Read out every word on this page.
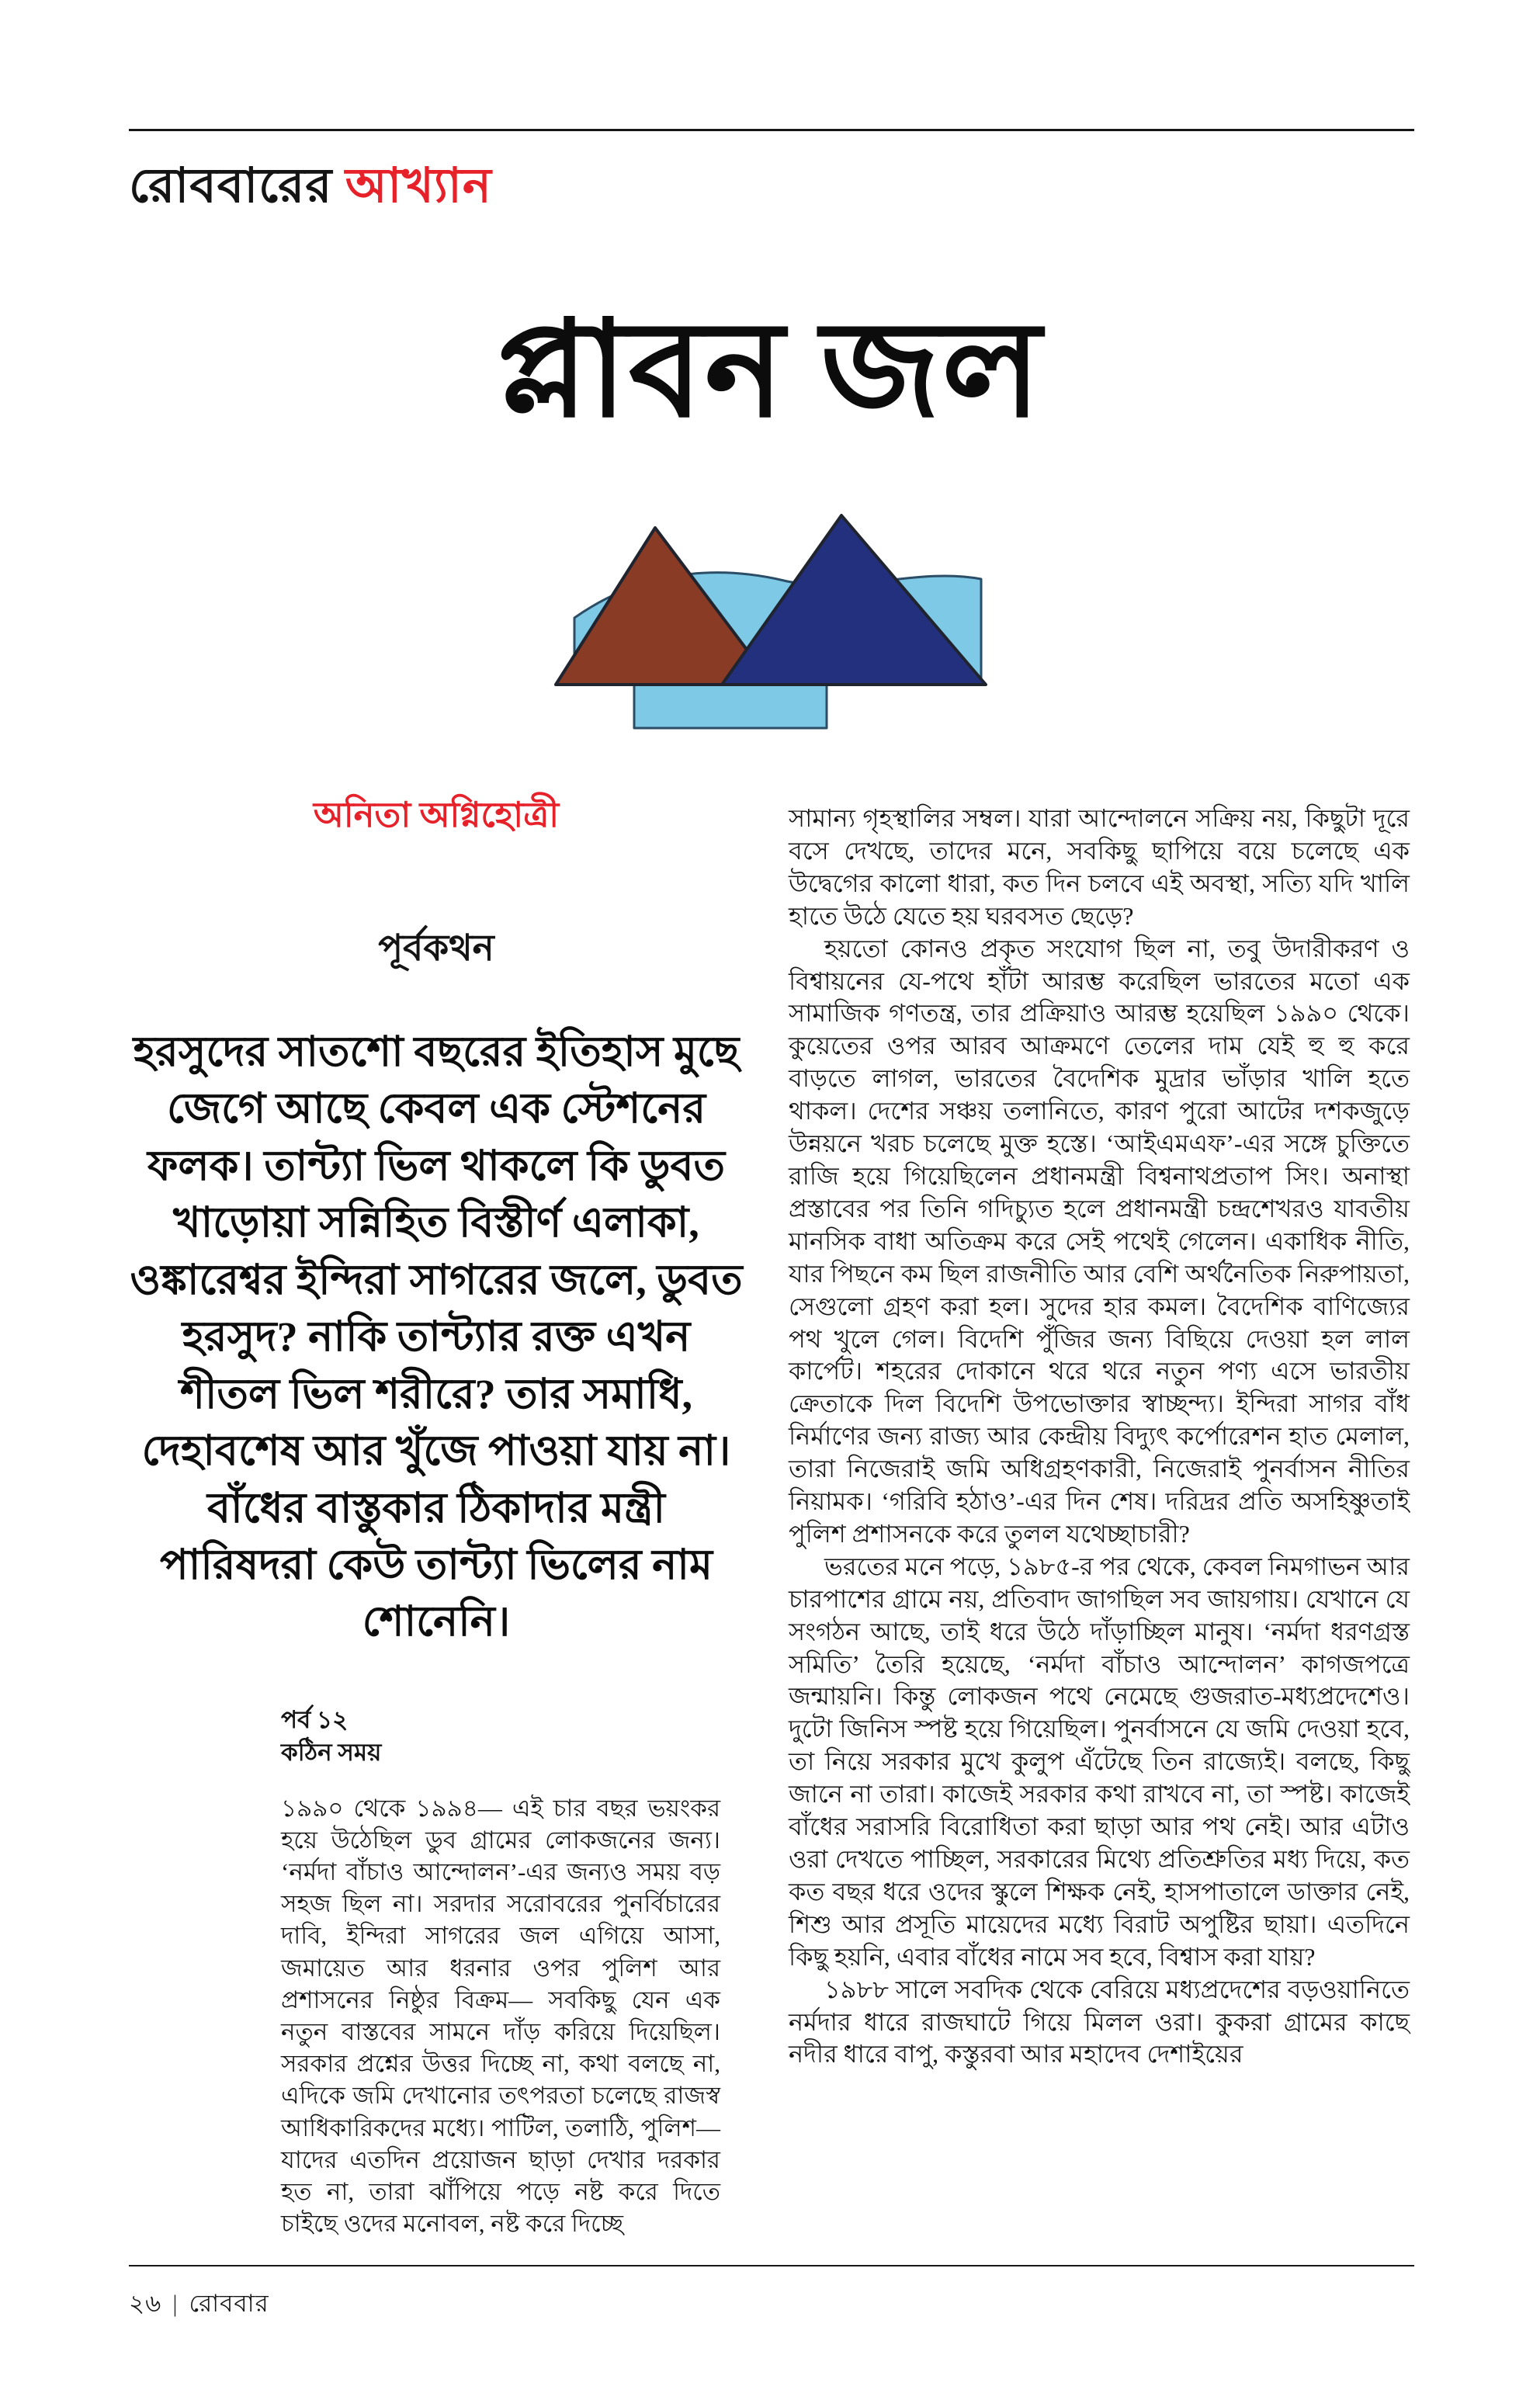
রোববারের আখ্যান
প্লাবন জল
অনিতা অগ্নিহোত্রী
পূর্বকথন
হরসুদের সাতশো বছরের ইতিহাস মুছে জেগে আছে কেবল এক স্টেশনের ফলক। তান্ট্যা ভিল থাকলে কি ডুবত খাড়োয়া সন্নিহিত বিস্তীর্ণ এলাকা, ওঙ্কারেশ্বর ইন্দিরা সাগরের জলে, ডুবত হরসুদ? নাকি তান্ট্যার রক্ত এখন শীতল ভিল শরীরে? তার সমাধি, দেহাবশেষ আর খুঁজে পাওয়া যায় না। বাঁধের বাস্তুকার ঠিকাদার মন্ত্রী পারিষদরা কেউ তান্ট্যা ভিলের নাম শোনেনি।
পর্ব ১২
কঠিন সময়
১৯৯০ থেকে ১৯৯৪— এই চার বছর ভয়ংকর হয়ে উঠেছিল ডুব গ্রামের লোকজনের জন্য। ‘নর্মদা বাঁচাও আন্দোলন’-এর জন্যও সময় বড় সহজ ছিল না। সরদার সরোবরের পুনর্বিচারের দাবি, ইন্দিরা সাগরের জল এগিয়ে আসা, জমায়েত আর ধরনার ওপর পুলিশ আর প্রশাসনের নিষ্ঠুর বিক্রম— সবকিছু যেন এক নতুন বাস্তবের সামনে দাঁড় করিয়ে দিয়েছিল। সরকার প্রশ্নের উত্তর দিচ্ছে না, কথা বলছে না, এদিকে জমি দেখানোর তৎপরতা চলেছে রাজস্ব আধিকারিকদের মধ্যে। পাটিল, তলাঠি, পুলিশ— যাদের এতদিন প্রয়োজন ছাড়া দেখার দরকার হত না, তারা ঝাঁপিয়ে পড়ে নষ্ট করে দিতে চাইছে ওদের মনোবল, নষ্ট করে দিচ্ছে

সামান্য গৃহস্থালির সম্বল। যারা আন্দোলনে সক্রিয় নয়, কিছুটা দূরে বসে দেখছে, তাদের মনে, সবকিছু ছাপিয়ে বয়ে চলেছে এক উদ্বেগের কালো ধারা, কত দিন চলবে এই অবস্থা, সত্যি যদি খালি হাতে উঠে যেতে হয় ঘরবসত ছেড়ে?

হয়তো কোনও প্রকৃত সংযোগ ছিল না, তবু উদারীকরণ ও বিশ্বায়নের যে-পথে হাঁটা আরম্ভ করেছিল ভারতের মতো এক সামাজিক গণতন্ত্র, তার প্রক্রিয়াও আরম্ভ হয়েছিল ১৯৯০ থেকে। কুয়েতের ওপর আরব আক্রমণে তেলের দাম যেই হু হু করে বাড়তে লাগল, ভারতের বৈদেশিক মুদ্রার ভাঁড়ার খালি হতে থাকল। দেশের সঞ্চয় তলানিতে, কারণ পুরো আটের দশকজুড়ে উন্নয়নে খরচ চলেছে মুক্ত হস্তে। ‘আইএমএফ’-এর সঙ্গে চুক্তিতে রাজি হয়ে গিয়েছিলেন প্রধানমন্ত্রী বিশ্বনাথপ্রতাপ সিং। অনাস্থা প্রস্তাবের পর তিনি গদিচ্যুত হলে প্রধানমন্ত্রী চন্দ্রশেখরও যাবতীয় মানসিক বাধা অতিক্রম করে সেই পথেই গেলেন। একাধিক নীতি, যার পিছনে কম ছিল রাজনীতি আর বেশি অর্থনৈতিক নিরুপায়তা, সেগুলো গ্রহণ করা হল। সুদের হার কমল। বৈদেশিক বাণিজ্যের পথ খুলে গেল। বিদেশি পুঁজির জন্য বিছিয়ে দেওয়া হল লাল কার্পেট। শহরের দোকানে থরে থরে নতুন পণ্য এসে ভারতীয় ক্রেতাকে দিল বিদেশি উপভোক্তার স্বাচ্ছন্দ্য। ইন্দিরা সাগর বাঁধ নির্মাণের জন্য রাজ্য আর কেন্দ্রীয় বিদ্যুৎ কর্পোরেশন হাত মেলাল, তারা নিজেরাই জমি অধিগ্রহণকারী, নিজেরাই পুনর্বাসন নীতির নিয়ামক। ‘গরিবি হঠাও’-এর দিন শেষ। দরিদ্রর প্রতি অসহিষ্ণুতাই পুলিশ প্রশাসনকে করে তুলল যথেচ্ছাচারী?

ভরতের মনে পড়ে, ১৯৮৫-র পর থেকে, কেবল নিমগাভন আর চারপাশের গ্রামে নয়, প্রতিবাদ জাগছিল সব জায়গায়। যেখানে যে সংগঠন আছে, তাই ধরে উঠে দাঁড়াচ্ছিল মানুষ। ‘নর্মদা ধরণগ্রস্ত সমিতি’ তৈরি হয়েছে, ‘নর্মদা বাঁচাও আন্দোলন’ কাগজপত্রে জন্মায়নি। কিন্তু লোকজন পথে নেমেছে গুজরাত-মধ্যপ্রদেশেও। দুটো জিনিস স্পষ্ট হয়ে গিয়েছিল। পুনর্বাসনে যে জমি দেওয়া হবে, তা নিয়ে সরকার মুখে কুলুপ এঁটেছে তিন রাজ্যেই। বলছে, কিছু জানে না তারা। কাজেই সরকার কথা রাখবে না, তা স্পষ্ট। কাজেই বাঁধের সরাসরি বিরোধিতা করা ছাড়া আর পথ নেই। আর এটাও ওরা দেখতে পাচ্ছিল, সরকারের মিথ্যে প্রতিশ্রুতির মধ্য দিয়ে, কত কত বছর ধরে ওদের স্কুলে শিক্ষক নেই, হাসপাতালে ডাক্তার নেই, শিশু আর প্রসূতি মায়েদের মধ্যে বিরাট অপুষ্টির ছায়া। এতদিনে কিছু হয়নি, এবার বাঁধের নামে সব হবে, বিশ্বাস করা যায়?

১৯৮৮ সালে সবদিক থেকে বেরিয়ে মধ্যপ্রদেশের বড়ওয়ানিতে নর্মদার ধারে রাজঘাটে গিয়ে মিলল ওরা। কুকরা গ্রামের কাছে নদীর ধারে বাপু, কস্তুরবা আর মহাদেব দেশাইয়ের

২৬ | রোববার
